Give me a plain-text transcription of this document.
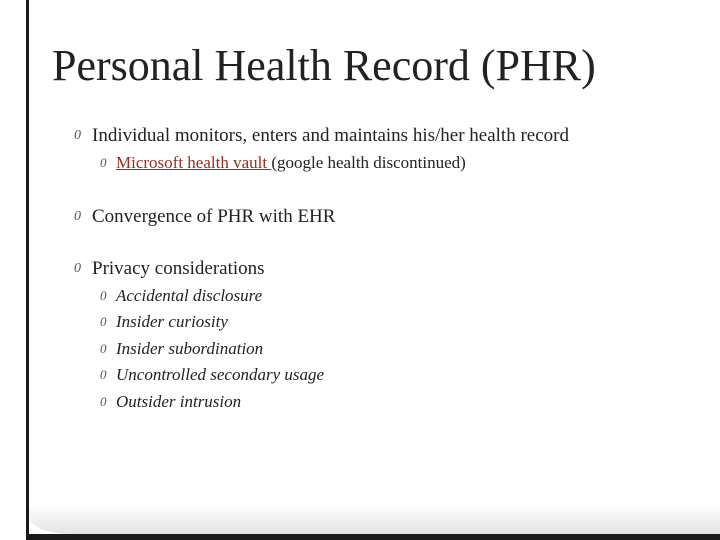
Personal Health Record (PHR)
0 Individual monitors, enters and maintains his/her health record
0 Microsoft health vault (google health discontinued)
0 Convergence of PHR with EHR
0 Privacy considerations
0 Accidental disclosure
0 Insider curiosity
0 Insider subordination
0 Uncontrolled secondary usage
0 Outsider intrusion
